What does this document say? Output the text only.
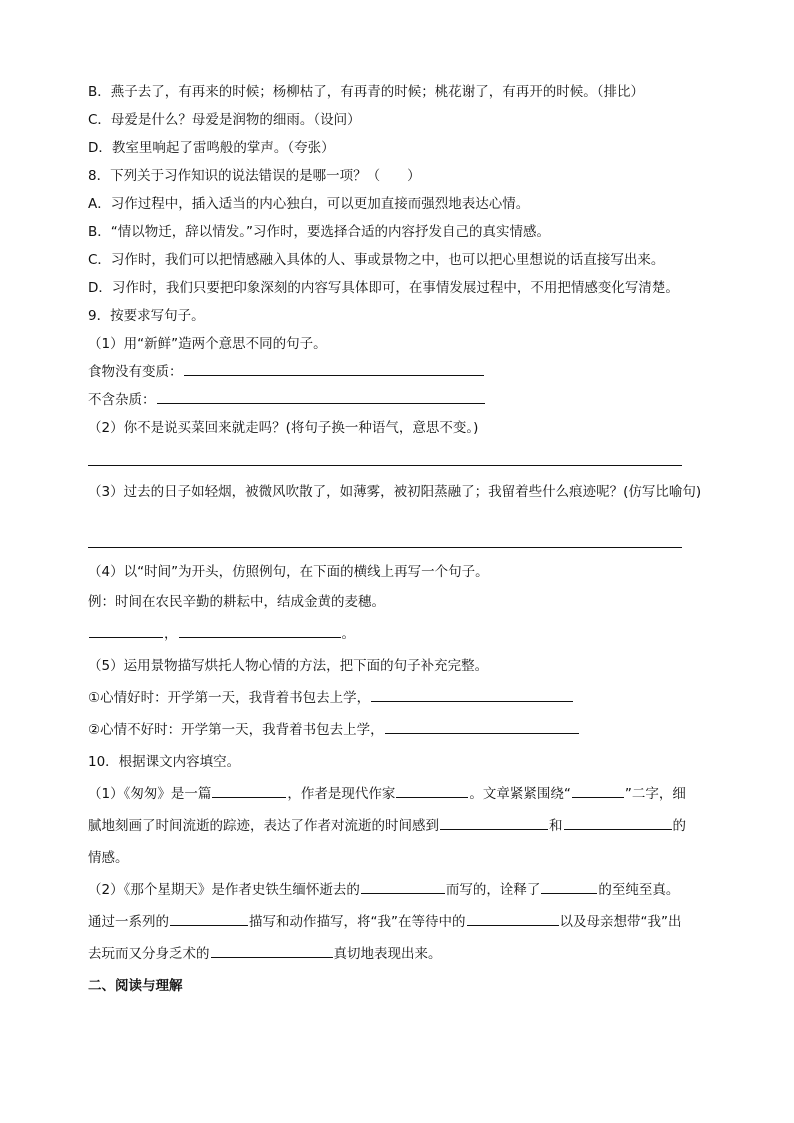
B．燕子去了，有再来的时候；杨柳枯了，有再青的时候；桃花谢了，有再开的时候。（排比）
C．母爱是什么？母爱是润物的细雨。（设问）
D．教室里响起了雷鸣般的掌声。（夸张）
8．下列关于习作知识的说法错误的是哪一项？（　　）
A．习作过程中，插入适当的内心独白，可以更加直接而强烈地表达心情。
B．“情以物迁，辞以情发。”习作时，要选择合适的内容抒发自己的真实情感。
C．习作时，我们可以把情感融入具体的人、事或景物之中，也可以把心里想说的话直接写出来。
D．习作时，我们只要把印象深刻的内容写具体即可，在事情发展过程中，不用把情感变化写清楚。
9．按要求写句子。
（1）用“新鲜”造两个意思不同的句子。
食物没有变质：
不含杂质：
（2）你不是说买菜回来就走吗？(将句子换一种语气，意思不变。)
（3）过去的日子如轻烟，被微风吹散了，如薄雾，被初阳蒸融了；我留着些什么痕迹呢？(仿写比喻句)
（4）以“时间”为开头，仿照例句，在下面的横线上再写一个句子。
例：时间在农民辛勤的耕耘中，结成金黄的麦穗。
，	。
（5）运用景物描写烘托人物心情的方法，把下面的句子补充完整。
①心情好时：开学第一天，我背着书包去上学，
②心情不好时：开学第一天，我背着书包去上学，
10．根据课文内容填空。
（1）《匆匆》是一篇	，作者是现代作家	。文章紧紧围绕“	”二字，细
腻地刻画了时间流逝的踪迹，表达了作者对流逝的时间感到	和	的
情感。
（2）《那个星期天》是作者史铁生缅怀逝去的	而写的，诠释了	的至纯至真。
通过一系列的	描写和动作描写，将“我”在等待中的	以及母亲想带“我”出
去玩而又分身乏术的	真切地表现出来。
二、阅读与理解
